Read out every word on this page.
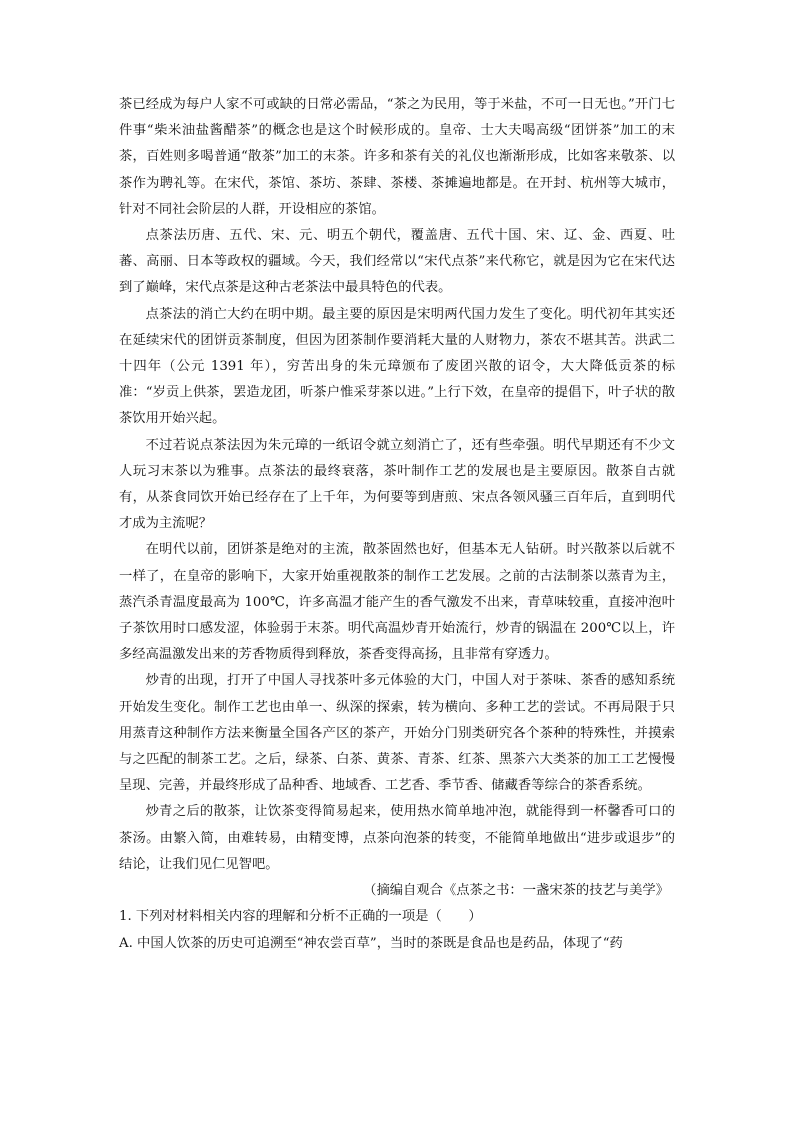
茶已经成为每户人家不可或缺的日常必需品，“茶之为民用，等于米盐，不可一日无也。”开门七件事“柴米油盐酱醋茶”的概念也是这个时候形成的。皇帝、士大夫喝高级“团饼茶”加工的末茶，百姓则多喝普通“散茶”加工的末茶。许多和茶有关的礼仪也渐渐形成，比如客来敬茶、以茶作为聘礼等。在宋代，茶馆、茶坊、茶肆、茶楼、茶摊遍地都是。在开封、杭州等大城市，针对不同社会阶层的人群，开设相应的茶馆。

点茶法历唐、五代、宋、元、明五个朝代，覆盖唐、五代十国、宋、辽、金、西夏、吐蕃、高丽、日本等政权的疆域。今天，我们经常以“宋代点茶”来代称它，就是因为它在宋代达到了巅峰，宋代点茶是这种古老茶法中最具特色的代表。

点茶法的消亡大约在明中期。最主要的原因是宋明两代国力发生了变化。明代初年其实还在延续宋代的团饼贡茶制度，但因为团茶制作要消耗大量的人财物力，茶农不堪其苦。洪武二十四年（公元 1391 年），穷苦出身的朱元璋颁布了废团兴散的诏令，大大降低贡茶的标准：“岁贡上供茶，罢造龙团，听茶户惟采芽茶以进。”上行下效，在皇帝的提倡下，叶子状的散茶饮用开始兴起。

不过若说点茶法因为朱元璋的一纸诏令就立刻消亡了，还有些牵强。明代早期还有不少文人玩习末茶以为雅事。点茶法的最终衰落，茶叶制作工艺的发展也是主要原因。散茶自古就有，从茶食同饮开始已经存在了上千年，为何要等到唐煎、宋点各领风骚三百年后，直到明代才成为主流呢？

在明代以前，团饼茶是绝对的主流，散茶固然也好，但基本无人钻研。时兴散茶以后就不一样了，在皇帝的影响下，大家开始重视散茶的制作工艺发展。之前的古法制茶以蒸青为主，蒸汽杀青温度最高为 100℃，许多高温才能产生的香气激发不出来，青草味较重，直接冲泡叶子茶饮用时口感发涩，体验弱于末茶。明代高温炒青开始流行，炒青的锅温在 200℃以上，许多经高温激发出来的芳香物质得到释放，茶香变得高扬，且非常有穿透力。

炒青的出现，打开了中国人寻找茶叶多元体验的大门，中国人对于茶味、茶香的感知系统开始发生变化。制作工艺也由单一、纵深的探索，转为横向、多种工艺的尝试。不再局限于只用蒸青这种制作方法来衡量全国各产区的茶产，开始分门别类研究各个茶种的特殊性，并摸索与之匹配的制茶工艺。之后，绿茶、白茶、黄茶、青茶、红茶、黑茶六大类茶的加工工艺慢慢呈现、完善，并最终形成了品种香、地域香、工艺香、季节香、储藏香等综合的茶香系统。

炒青之后的散茶，让饮茶变得简易起来，使用热水简单地冲泡，就能得到一杯馨香可口的茶汤。由繁入简，由难转易，由精变博，点茶向泡茶的转变，不能简单地做出“进步或退步”的结论，让我们见仁见智吧。

（摘编自观合《点茶之书：一盏宋茶的技艺与美学》

1. 下列对材料相关内容的理解和分析不正确的一项是（　　）

A. 中国人饮茶的历史可追溯至“神农尝百草”，当时的茶既是食品也是药品，体现了“药
